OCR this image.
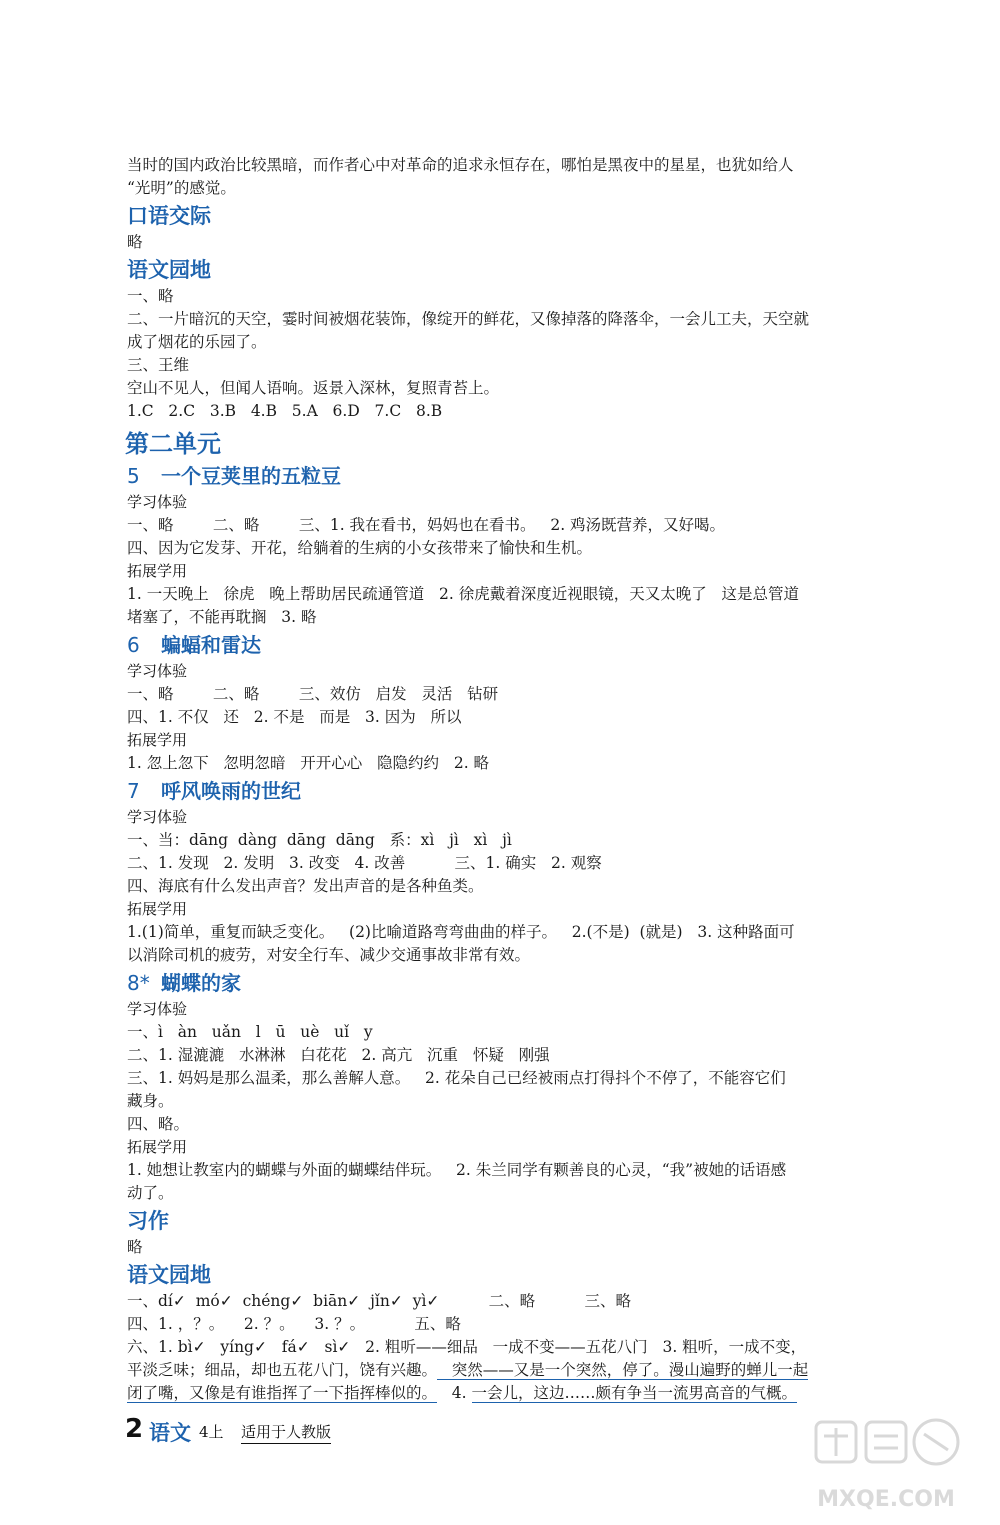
当时的国内政治比较黑暗，而作者心中对革命的追求永恒存在，哪怕是黑夜中的星星，也犹如给人

“光明”的感觉。

口语交际

略

语文园地

一、略

二、一片暗沉的天空，霎时间被烟花装饰，像绽开的鲜花，又像掉落的降落伞，一会儿工夫，天空就

成了烟花的乐园了。

三、王维

空山不见人，但闻人语响。返景入深林，复照青苔上。

1.C   2.C   3.B   4.B   5.A   6.D   7.C   8.B

第二单元
5 一个豆荚里的五粒豆
学习体验

一、略        二、略        三、1. 我在看书，妈妈也在看书。   2. 鸡汤既营养，又好喝。

四、因为它发芽、开花，给躺着的生病的小女孩带来了愉快和生机。

拓展学用

1. 一天晚上   徐虎   晚上帮助居民疏通管道   2. 徐虎戴着深度近视眼镜，天又太晚了   这是总管道

堵塞了，不能再耽搁   3. 略

6 蝙蝠和雷达
学习体验

一、略        二、略        三、效仿   启发   灵活   钻研

四、1. 不仅   还   2. 不是   而是   3. 因为   所以

拓展学用

1. 忽上忽下   忽明忽暗   开开心心   隐隐约约   2. 略

7 呼风唤雨的世纪
学习体验

一、当：dāng  dàng  dāng  dāng   系：xì   jì   xì   jì

二、1. 发现   2. 发明   3. 改变   4. 改善          三、1. 确实   2. 观察

四、海底有什么发出声音？发出声音的是各种鱼类。

拓展学用

1.(1)简单，重复而缺乏变化。   (2)比喻道路弯弯曲曲的样子。   2.(不是)  (就是)   3. 这种路面可

以消除司机的疲劳，对安全行车、减少交通事故非常有效。

8* 蝴蝶的家
学习体验

一、ì   àn   uǎn   l   ū   uè   uǐ   y

二、1. 湿漉漉   水淋淋   白花花   2. 高亢   沉重   怀疑   刚强

三、1. 妈妈是那么温柔，那么善解人意。   2. 花朵自己已经被雨点打得抖个不停了，不能容它们

藏身。

四、略。

拓展学用

1. 她想让教室内的蝴蝶与外面的蝴蝶结伴玩。   2. 朱兰同学有颗善良的心灵，“我”被她的话语感

动了。

习作

略

语文园地

一、dí✓  mó✓  chéng✓  biān✓  jǐn✓  yì✓          二、略          三、略

四、1. ，？。    2. ？。    3. ？。          五、略

六、1. bì✓   yíng✓   fá✓   sì✓   2. 粗听——细品   一成不变——五花八门   3. 粗听，一成不变，

平淡乏味；细品，却也五花八门，饶有兴趣。   突然——又是一个突然，停了。漫山遍野的蝉儿一起

闭了嘴，又像是有谁指挥了一下指挥棒似的。   4. 一会儿，这边……颇有争当一流男高音的气概。

2 语文 4上 适用于人教版
MXQE.COM
